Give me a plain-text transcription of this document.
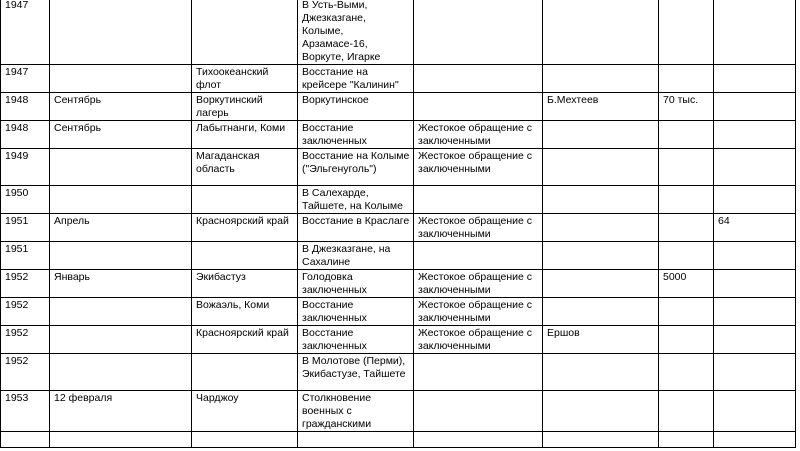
1947			В Усть-Выми, Джезказгане, Колыме, Арзамасе-16, Воркуте, Игарке				
1947		Тихоокеанский флот	Восстание на крейсере "Калинин"				
1948	Сентябрь	Воркутинский лагерь	Воркутинское		Б.Мехтеев	70 тыс.	
1948	Сентябрь	Лабытнанги, Коми	Восстание заключенных	Жестокое обращение с заключенными			
1949		Магаданская область	Восстание на Колыме ("Эльгенуголь")	Жестокое обращение с заключенными			
1950			В Салехарде, Тайшете, на Колыме				
1951	Апрель	Красноярский край	Восстание в Краслаге	Жестокое обращение с заключенными			64
1951			В Джезказгане, на Сахалине				
1952	Январь	Экибастуз	Голодовка заключенных	Жестокое обращение с заключенными		5000	
1952		Вожаэль, Коми	Восстание заключенных	Жестокое обращение с заключенными			
1952		Красноярский край	Восстание заключенных	Жестокое обращение с заключенными	Ершов		
1952			В Молотове (Перми), Экибастузе, Тайшете				
1953	12 февраля	Чарджоу	Столкновение военных с гражданскими				
